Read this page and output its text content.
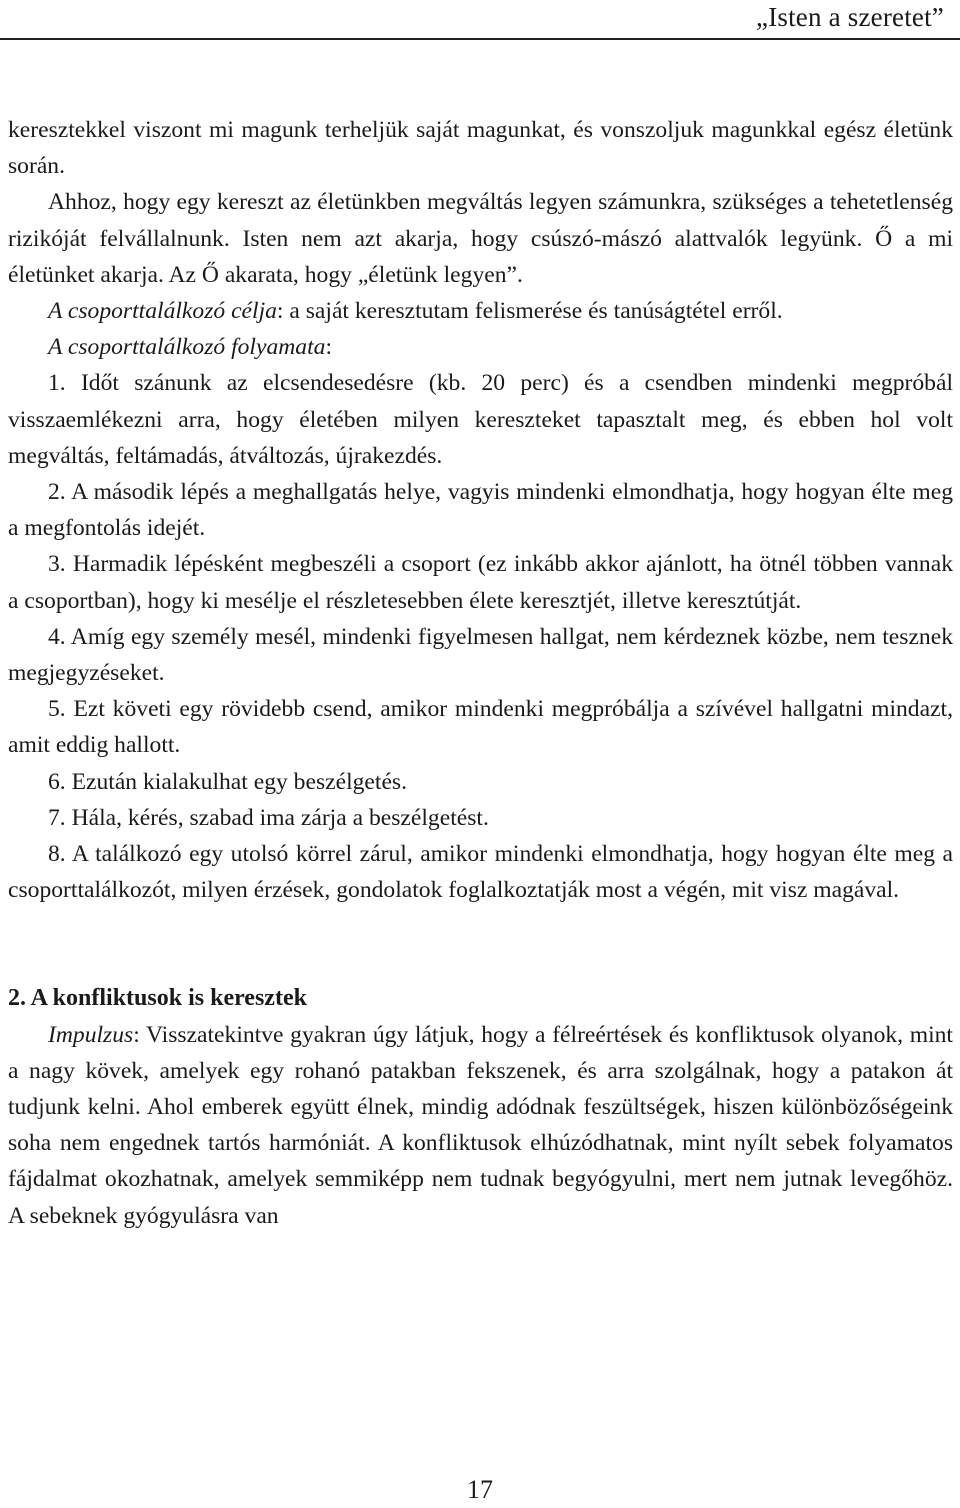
„Isten a szeretet”

keresztekkel viszont mi magunk terheljük saját magunkat, és vonszoljuk magunkkal egész életünk során.

Ahhoz, hogy egy kereszt az életünkben megváltás legyen számunkra, szükséges a tehetetlenség rizikóját felvállalnunk. Isten nem azt akarja, hogy csúszó-mászó alattvalók legyünk. Ő a mi életünket akarja. Az Ő akarata, hogy „életünk legyen”.

A csoporttalálkozó célja: a saját keresztutam felismerése és tanúságtétel erről.

A csoporttalálkozó folyamata:

1. Időt szánunk az elcsendesedésre (kb. 20 perc) és a csendben mindenki megpróbál visszaemlékezni arra, hogy életében milyen kereszteket tapasztalt meg, és ebben hol volt megváltás, feltámadás, átváltozás, újrakezdés.

2. A második lépés a meghallgatás helye, vagyis mindenki elmondhatja, hogy hogyan élte meg a megfontolás idejét.

3. Harmadik lépésként megbeszéli a csoport (ez inkább akkor ajánlott, ha ötnél többen vannak a csoportban), hogy ki mesélje el részletesebben élete keresztjét, illetve keresztútját.

4. Amíg egy személy mesél, mindenki figyelmesen hallgat, nem kérdeznek közbe, nem tesznek megjegyzéseket.

5. Ezt követi egy rövidebb csend, amikor mindenki megpróbálja a szívével hallgatni mindazt, amit eddig hallott.

6. Ezután kialakulhat egy beszélgetés.

7. Hála, kérés, szabad ima zárja a beszélgetést.

8. A találkozó egy utolsó körrel zárul, amikor mindenki elmondhatja, hogy hogyan élte meg a csoporttalálkozót, milyen érzések, gondolatok foglalkoztatják most a végén, mit visz magával.

2. A konfliktusok is keresztek

Impulzus: Visszatekintve gyakran úgy látjuk, hogy a félreértések és konfliktusok olyanok, mint a nagy kövek, amelyek egy rohanó patakban fekszenek, és arra szolgálnak, hogy a patakon át tudjunk kelni. Ahol emberek együtt élnek, mindig adódnak feszültségek, hiszen különbözőségeink soha nem engednek tartós harmóniát. A konfliktusok elhúzódhatnak, mint nyílt sebek folyamatos fájdalmat okozhatnak, amelyek semmiképp nem tudnak begyógyulni, mert nem jutnak levegőhöz. A sebeknek gyógyulásra van

17
